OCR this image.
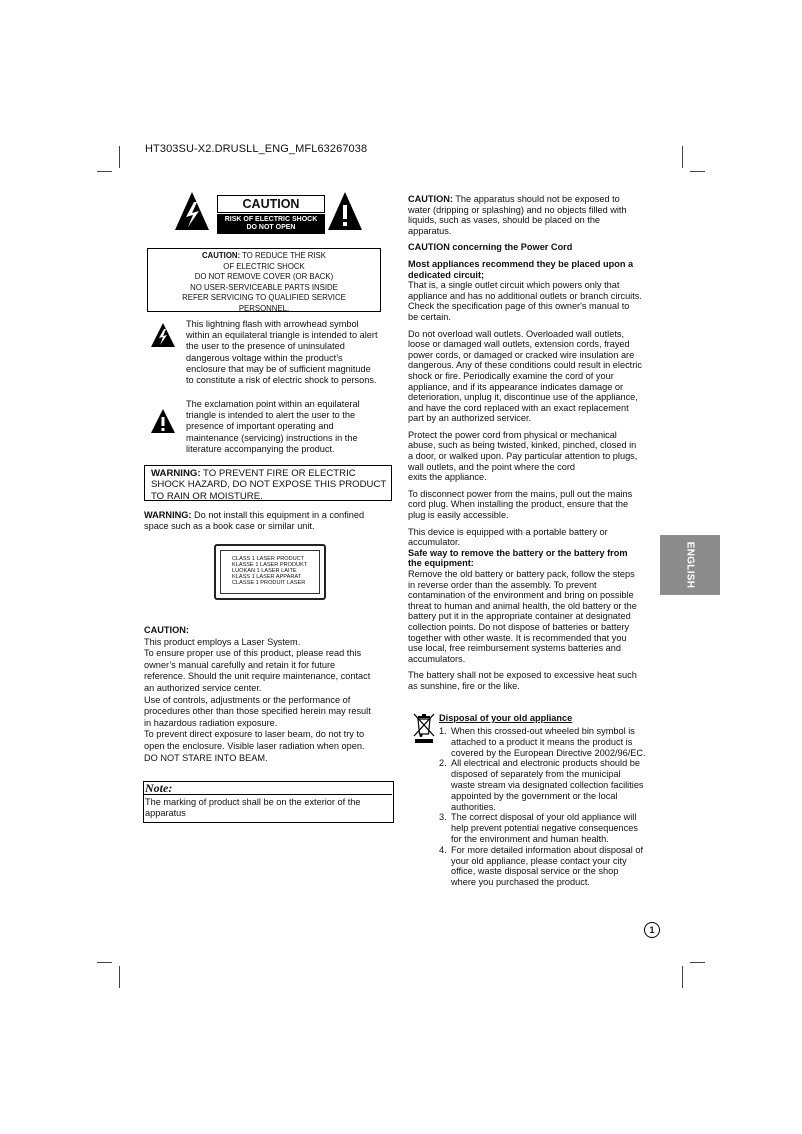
HT303SU-X2.DRUSLL_ENG_MFL63267038
CAUTION
RISK OF ELECTRIC SHOCK
DO NOT OPEN
CAUTION: TO REDUCE THE RISK
OF ELECTRIC SHOCK
DO NOT REMOVE COVER (OR BACK)
NO USER-SERVICEABLE PARTS INSIDE
REFER SERVICING TO QUALIFIED SERVICE
PERSONNEL.
This lightning flash with arrowhead symbol
within an equilateral triangle is intended to alert
the user to the presence of uninsulated
dangerous voltage within the product’s
enclosure that may be of sufficient magnitude
to constitute a risk of electric shock to persons.
The exclamation point within an equilateral
triangle is intended to alert the user to the
presence of important operating and
maintenance (servicing) instructions in the
literature accompanying the product.
WARNING: TO PREVENT FIRE OR ELECTRIC
SHOCK HAZARD, DO NOT EXPOSE THIS PRODUCT
TO RAIN OR MOISTURE.
WARNING: Do not install this equipment in a confined
space such as a book case or similar unit.
CLASS 1 LASER PRODUCT
KLASSE 1 LASER PRODUKT
LUOKAN 1 LASER LAITE
KLASS 1 LASER APPARAT
CLASSE 1 PRODUIT LASER
CAUTION:
This product employs a Laser System.
To ensure proper use of this product, please read this
owner’s manual carefully and retain it for future
reference. Should the unit require maintenance, contact
an authorized service center.
Use of controls, adjustments or the performance of
procedures other than those specified herein may result
in hazardous radiation exposure.
To prevent direct exposure to laser beam, do not try to
open the enclosure. Visible laser radiation when open.
DO NOT STARE INTO BEAM.
Note:
The marking of product shall be on the exterior of the
apparatus
CAUTION: The apparatus should not be exposed to
water (dripping or splashing) and no objects filled with
liquids, such as vases, should be placed on the
apparatus.
CAUTION concerning the Power Cord
Most appliances recommend they be placed upon a
dedicated circuit;
That is, a single outlet circuit which powers only that
appliance and has no additional outlets or branch circuits.
Check the specification page of this owner's manual to
be certain.
Do not overload wall outlets. Overloaded wall outlets,
loose or damaged wall outlets, extension cords, frayed
power cords, or damaged or cracked wire insulation are
dangerous. Any of these conditions could result in electric
shock or fire. Periodically examine the cord of your
appliance, and if its appearance indicates damage or
deterioration, unplug it, discontinue use of the appliance,
and have the cord replaced with an exact replacement
part by an authorized servicer.
Protect the power cord from physical or mechanical
abuse, such as being twisted, kinked, pinched, closed in
a door, or walked upon. Pay particular attention to plugs,
wall outlets, and the point where the cord
exits the appliance.
To disconnect power from the mains, pull out the mains
cord plug. When installing the product, ensure that the
plug is easily accessible.
This device is equipped with a portable battery or
accumulator.
Safe way to remove the battery or the battery from
the equipment:
Remove the old battery or battery pack, follow the steps
in reverse order than the assembly. To prevent
contamination of the environment and bring on possible
threat to human and animal health, the old battery or the
battery put it in the appropriate container at designated
collection points. Do not dispose of batteries or battery
together with other waste. It is recommended that you
use local, free reimbursement systems batteries and
accumulators.
The battery shall not be exposed to excessive heat such
as sunshine, fire or the like.
Disposal of your old appliance
1. When this crossed-out wheeled bin symbol is
attached to a product it means the product is
covered by the European Directive 2002/96/EC.
2. All electrical and electronic products should be
disposed of separately from the municipal
waste stream via designated collection facilities
appointed by the government or the local
authorities.
3. The correct disposal of your old appliance will
help prevent potential negative consequences
for the environment and human health.
4. For more detailed information about disposal of
your old appliance, please contact your city
office, waste disposal service or the shop
where you purchased the product.
ENGLISH
1
